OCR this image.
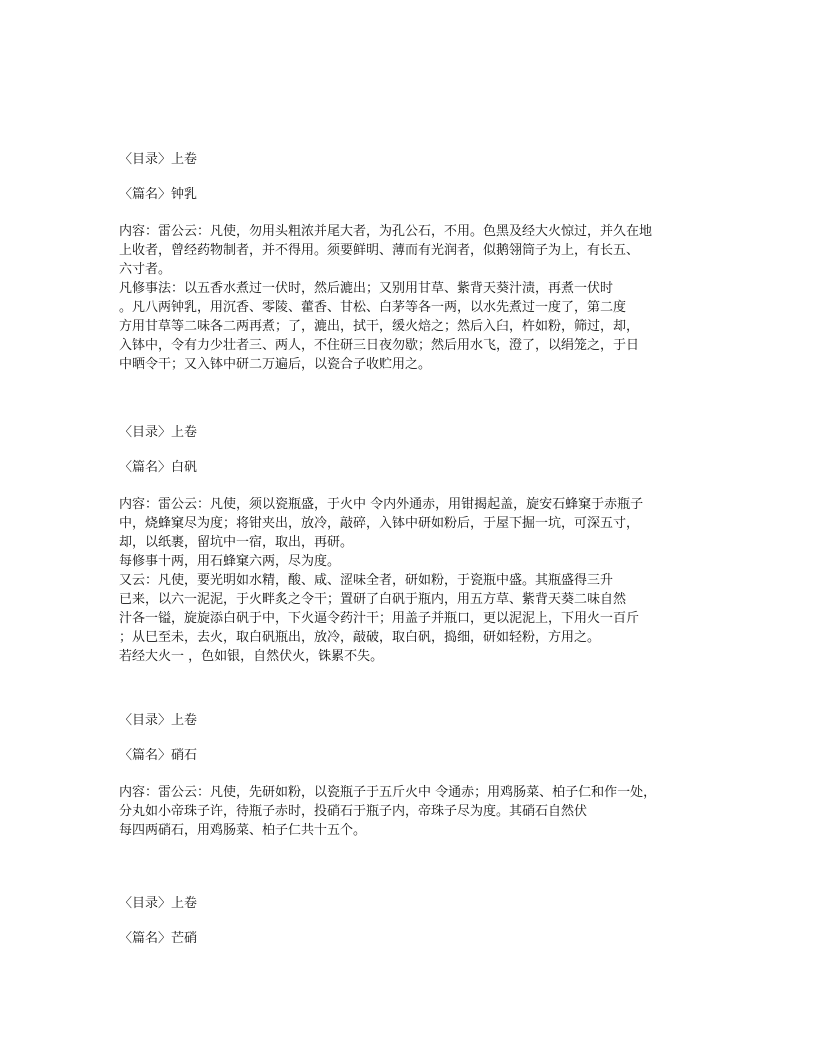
〈目录〉上卷
〈篇名〉钟乳
内容：雷公云：凡使，勿用头粗浓并尾大者，为孔公石，不用。色黑及经大火惊过，并久在地
上收者，曾经药物制者，并不得用。须要鲜明、薄而有光润者，似鹅翎筒子为上，有长五、
六寸者。
凡修事法：以五香水煮过一伏时，然后漉出；又别用甘草、紫背天葵汁渍，再煮一伏时
。凡八两钟乳，用沉香、零陵、藿香、甘松、白茅等各一两，以水先煮过一度了，第二度
方用甘草等二味各二两再煮；了，漉出，拭干，缓火焙之；然后入臼，杵如粉，筛过，却，
入钵中，令有力少壮者三、两人，不住研三日夜勿歇；然后用水飞，澄了，以绢笼之，于日
中晒令干；又入钵中研二万遍后，以瓷合子收贮用之。
〈目录〉上卷
〈篇名〉白矾
内容：雷公云：凡使，须以瓷瓶盛，于火中 令内外通赤，用钳揭起盖，旋安石蜂窠于赤瓶子
中，烧蜂窠尽为度；将钳夹出，放冷，敲碎，入钵中研如粉后，于屋下掘一坑，可深五寸，
却，以纸裹，留坑中一宿，取出，再研。
每修事十两，用石蜂窠六两，尽为度。
又云：凡使，要光明如水精，酸、咸、涩味全者，研如粉，于瓷瓶中盛。其瓶盛得三升
已来，以六一泥泥，于火畔炙之令干；置研了白矾于瓶内，用五方草、紫背天葵二味自然
汁各一镒，旋旋添白矾于中，下火逼令药汁干；用盖子并瓶口，更以泥泥上，下用火一百斤
；从巳至未，去火，取白矾瓶出，放冷，敲破，取白矾，捣细，研如轻粉，方用之。
若经大火一 ，色如银，自然伏火，铢累不失。
〈目录〉上卷
〈篇名〉硝石
内容：雷公云：凡使，先研如粉，以瓷瓶子于五斤火中 令通赤；用鸡肠菜、柏子仁和作一处，
分丸如小帝珠子许，待瓶子赤时，投硝石于瓶子内，帝珠子尽为度。其硝石自然伏
每四两硝石，用鸡肠菜、柏子仁共十五个。
〈目录〉上卷
〈篇名〉芒硝
